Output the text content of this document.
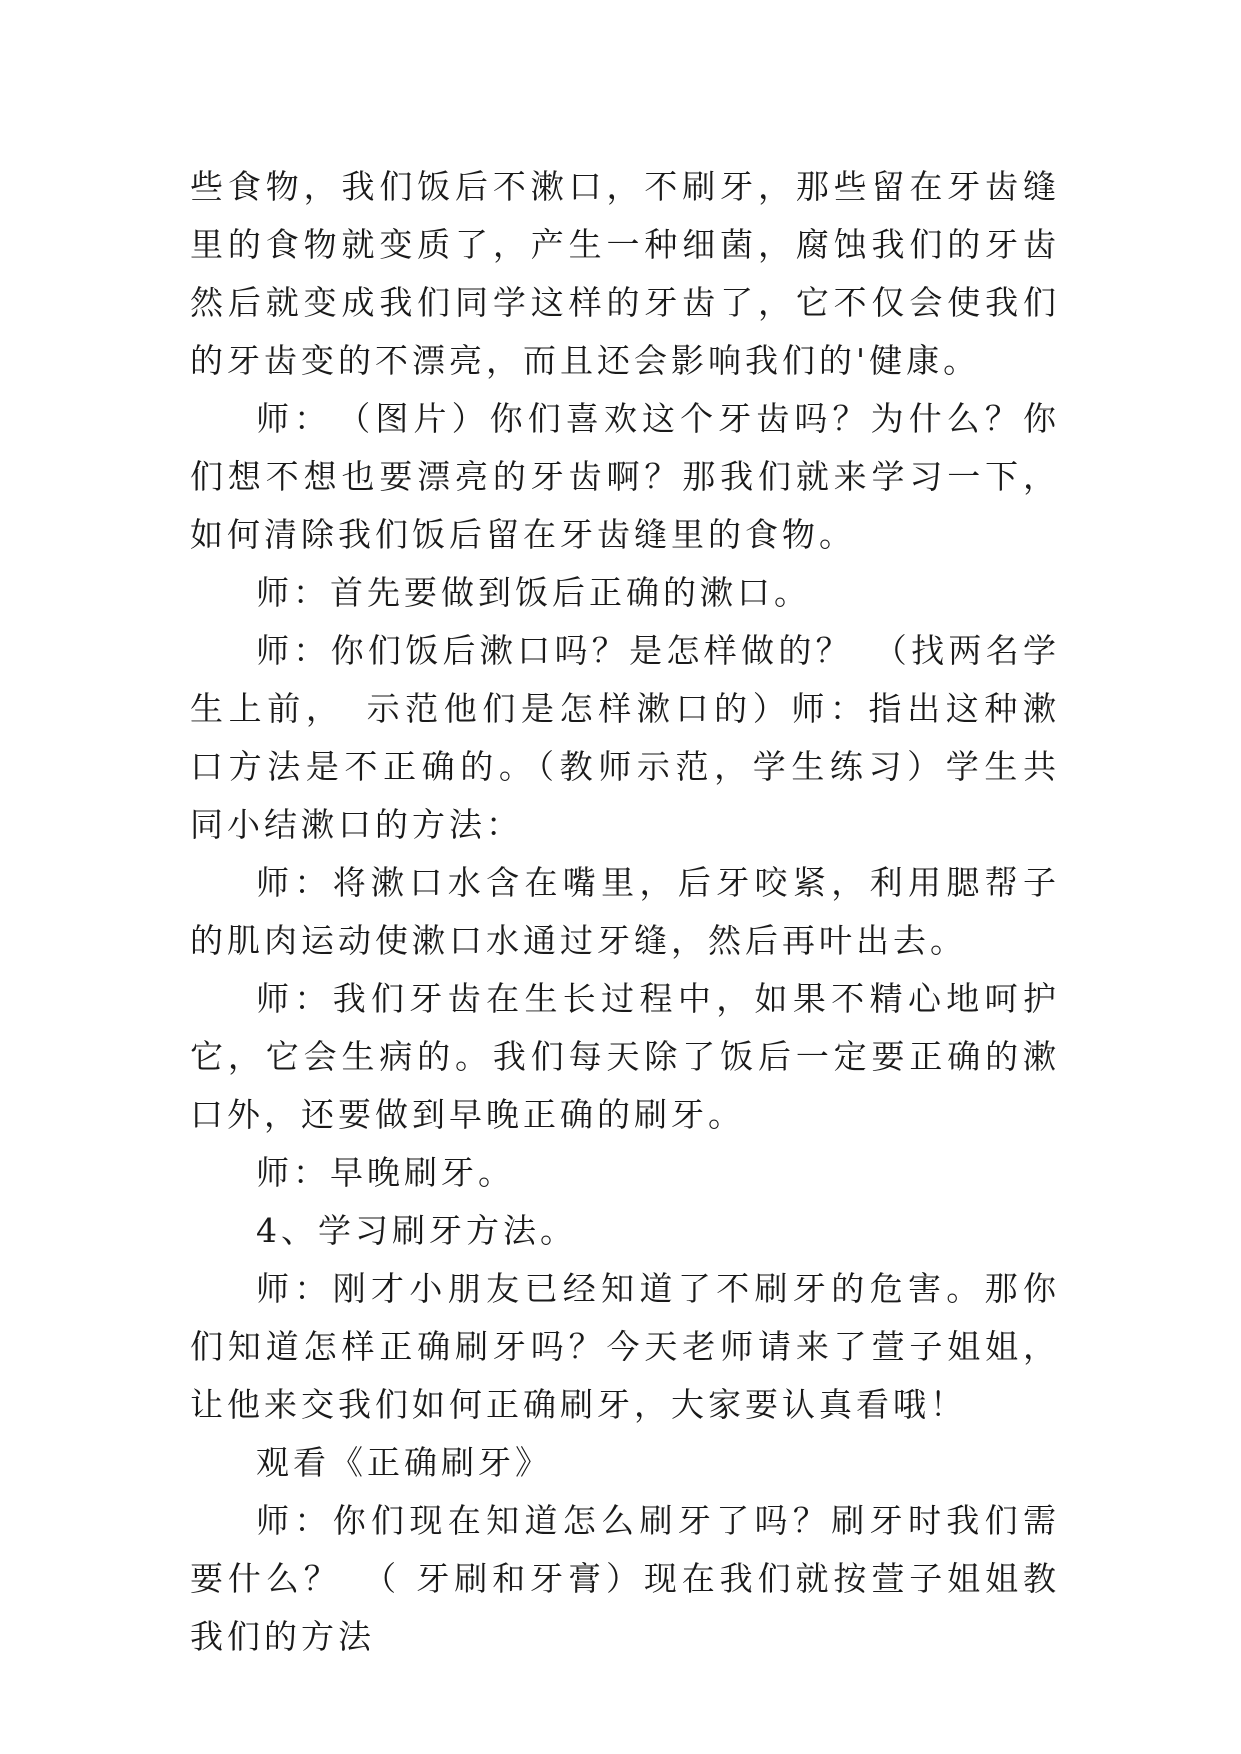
些食物，我们饭后不漱口，不刷牙，那些留在牙齿缝里的食物就变质了，产生一种细菌，腐蚀我们的牙齿然后就变成我们同学这样的牙齿了，它不仅会使我们的牙齿变的不漂亮，而且还会影响我们的'健康。

师：　（图片）你们喜欢这个牙齿吗？为什么？你们想不想也要漂亮的牙齿啊？那我们就来学习一下，如何清除我们饭后留在牙齿缝里的食物。

师：首先要做到饭后正确的漱口。

师：你们饭后漱口吗？是怎样做的？　（找两名学生上前，　示范他们是怎样漱口的）师：指出这种漱口方法是不正确的。（教师示范，学生练习）学生共同小结漱口的方法：

师：将漱口水含在嘴里，后牙咬紧，利用腮帮子的肌肉运动使漱口水通过牙缝，然后再叶出去。

师：我们牙齿在生长过程中，如果不精心地呵护它，它会生病的。我们每天除了饭后一定要正确的漱口外，还要做到早晚正确的刷牙。

师：早晚刷牙。

4、学习刷牙方法。

师：刚才小朋友已经知道了不刷牙的危害。那你们知道怎样正确刷牙吗？今天老师请来了萱子姐姐，让他来交我们如何正确刷牙，大家要认真看哦！

观看《正确刷牙》

师：你们现在知道怎么刷牙了吗？刷牙时我们需要什么？　（ 牙刷和牙膏）现在我们就按萱子姐姐教我们的方法
